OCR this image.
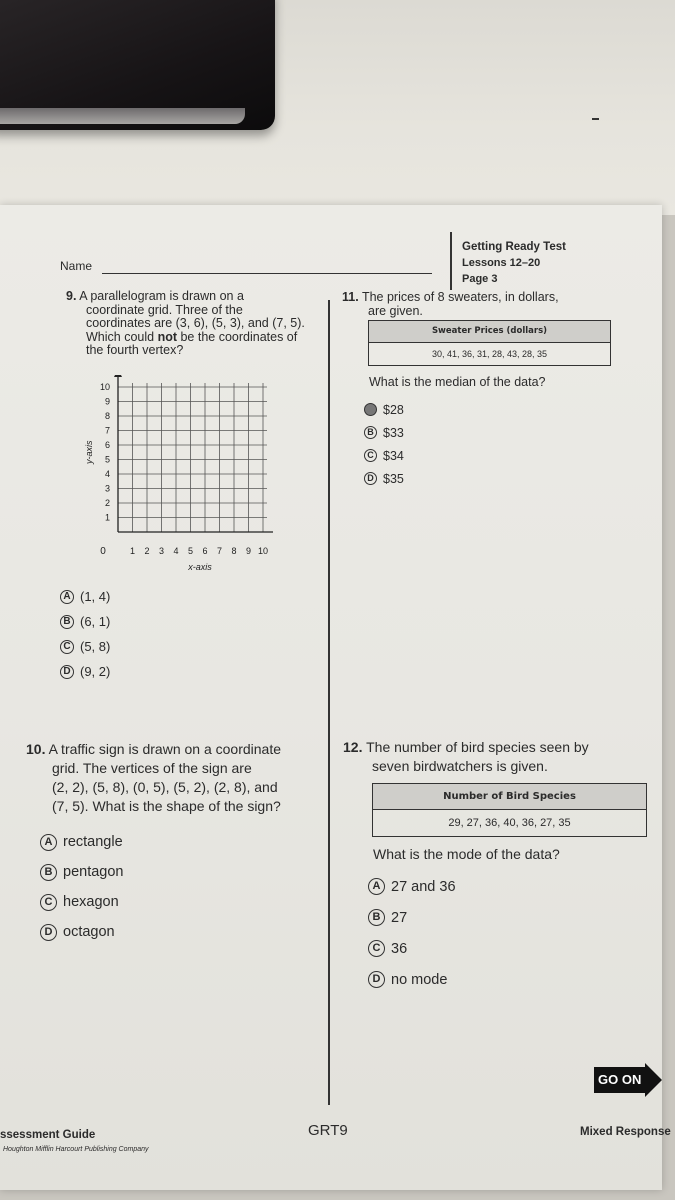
Name
Getting Ready Test
Lessons 12–20
Page 3
9. A parallelogram is drawn on a
coordinate grid. Three of the
coordinates are (3, 6), (5, 3), and (7, 5).
Which could not be the coordinates of
the fourth vertex?
1 2 3 4 5 6 7 8 9 10
1
2
3
4
5
6
7
8
9
10
0
x-axis
y-axis
A (1, 4)
B (6, 1)
C (5, 8)
D (9, 2)
11. The prices of 8 sweaters, in dollars,
are given.
Sweater Prices (dollars)
30, 41, 36, 31, 28, 43, 28, 35
What is the median of the data?
A $28
B $33
C $34
D $35
10. A traffic sign is drawn on a coordinate
grid. The vertices of the sign are
(2, 2), (5, 8), (0, 5), (5, 2), (2, 8), and
(7, 5). What is the shape of the sign?
A rectangle
B pentagon
C hexagon
D octagon
12. The number of bird species seen by
seven birdwatchers is given.
Number of Bird Species
29, 27, 36, 40, 36, 27, 35
What is the mode of the data?
A 27 and 36
B 27
C 36
D no mode
GO ON
ssessment Guide
Houghton Mifflin Harcourt Publishing Company
GRT9	Mixed Response
